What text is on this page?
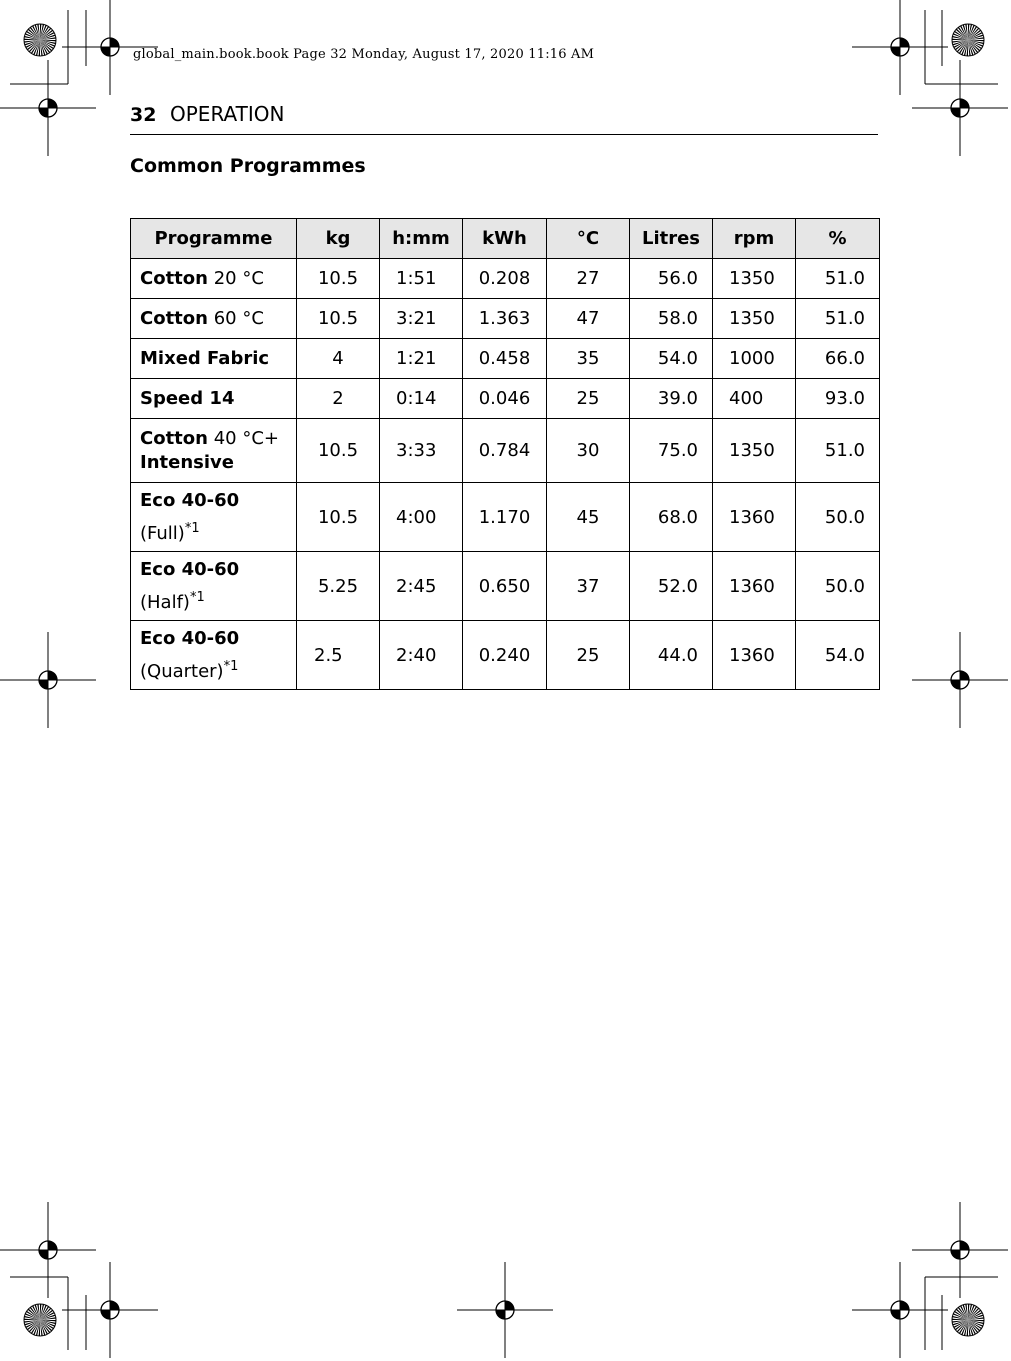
global_main.book.book Page 32 Monday, August 17, 2020 11:16 AM
32 OPERATION
Common Programmes
Programme	kg	h:mm	kWh	°C	Litres	rpm	%
Cotton 20 °C	10.5	1:51	0.208	27	56.0	1350	51.0
Cotton 60 °C	10.5	3:21	1.363	47	58.0	1350	51.0
Mixed Fabric	4	1:21	0.458	35	54.0	1000	66.0
Speed 14	2	0:14	0.046	25	39.0	400	93.0
Cotton 40 °C+
Intensive	10.5	3:33	0.784	30	75.0	1350	51.0

Eco 40-60
(Full)$^{*1}$	10.5	4:00	1.170	45	68.0	1360	50.0

Eco 40-60
(Half)$^{*1}$	5.25	2:45	0.650	37	52.0	1360	50.0

Eco 40-60
(Quarter)$^{*1}$	2.5	2:40	0.240	25	44.0	1360	54.0
